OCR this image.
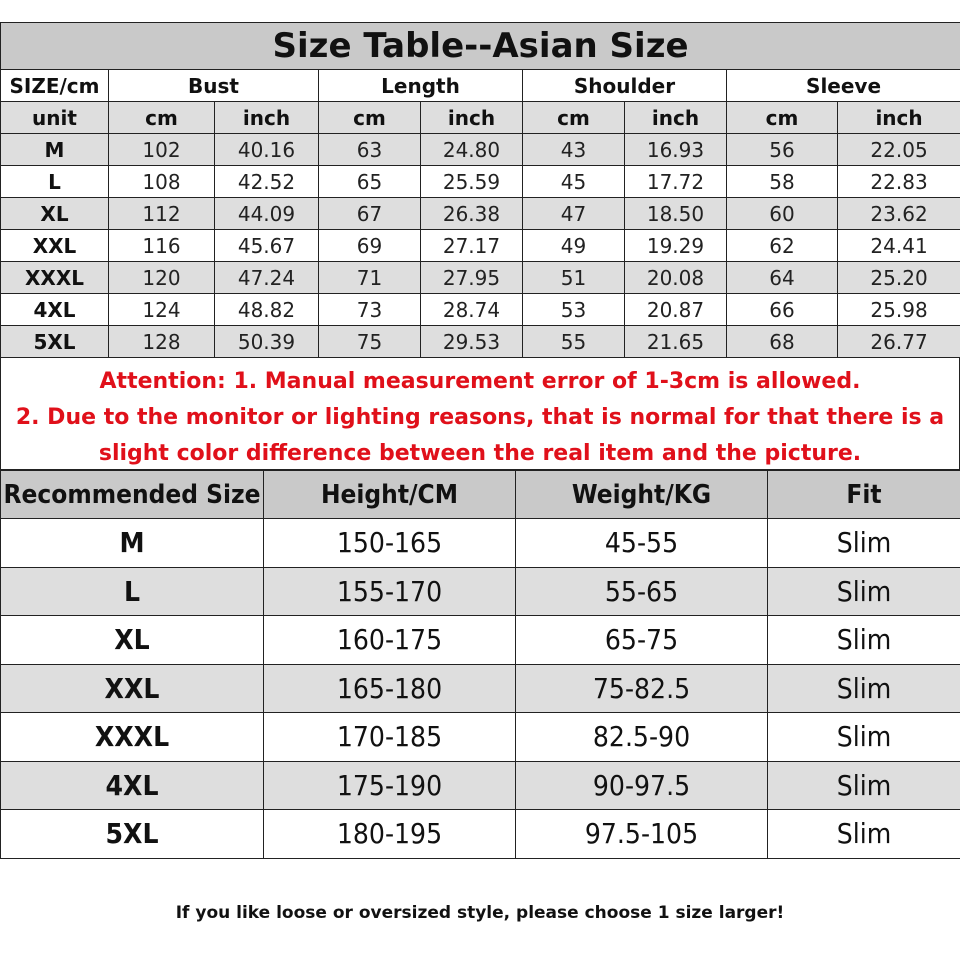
Size Table--Asian Size								
SIZE/cm	Bust		Length		Shoulder		Sleeve	
unit	cm	inch	cm	inch	cm	inch	cm	inch
M	102	40.16	63	24.80	43	16.93	56	22.05
L	108	42.52	65	25.59	45	17.72	58	22.83
XL	112	44.09	67	26.38	47	18.50	60	23.62
XXL	116	45.67	69	27.17	49	19.29	62	24.41
XXXL	120	47.24	71	27.95	51	20.08	64	25.20
4XL	124	48.82	73	28.74	53	20.87	66	25.98
5XL	128	50.39	75	29.53	55	21.65	68	26.77
Attention: 1. Manual measurement error of 1-3cm is allowed.
2. Due to the monitor or lighting reasons, that is normal for that there is a
slight color difference between the real item and the picture.
Recommended Size	Height/CM	Weight/KG	Fit
M	150-165	45-55	Slim
L	155-170	55-65	Slim
XL	160-175	65-75	Slim
XXL	165-180	75-82.5	Slim
XXXL	170-185	82.5-90	Slim
4XL	175-190	90-97.5	Slim
5XL	180-195	97.5-105	Slim
If you like loose or oversized style, please choose 1 size larger!
